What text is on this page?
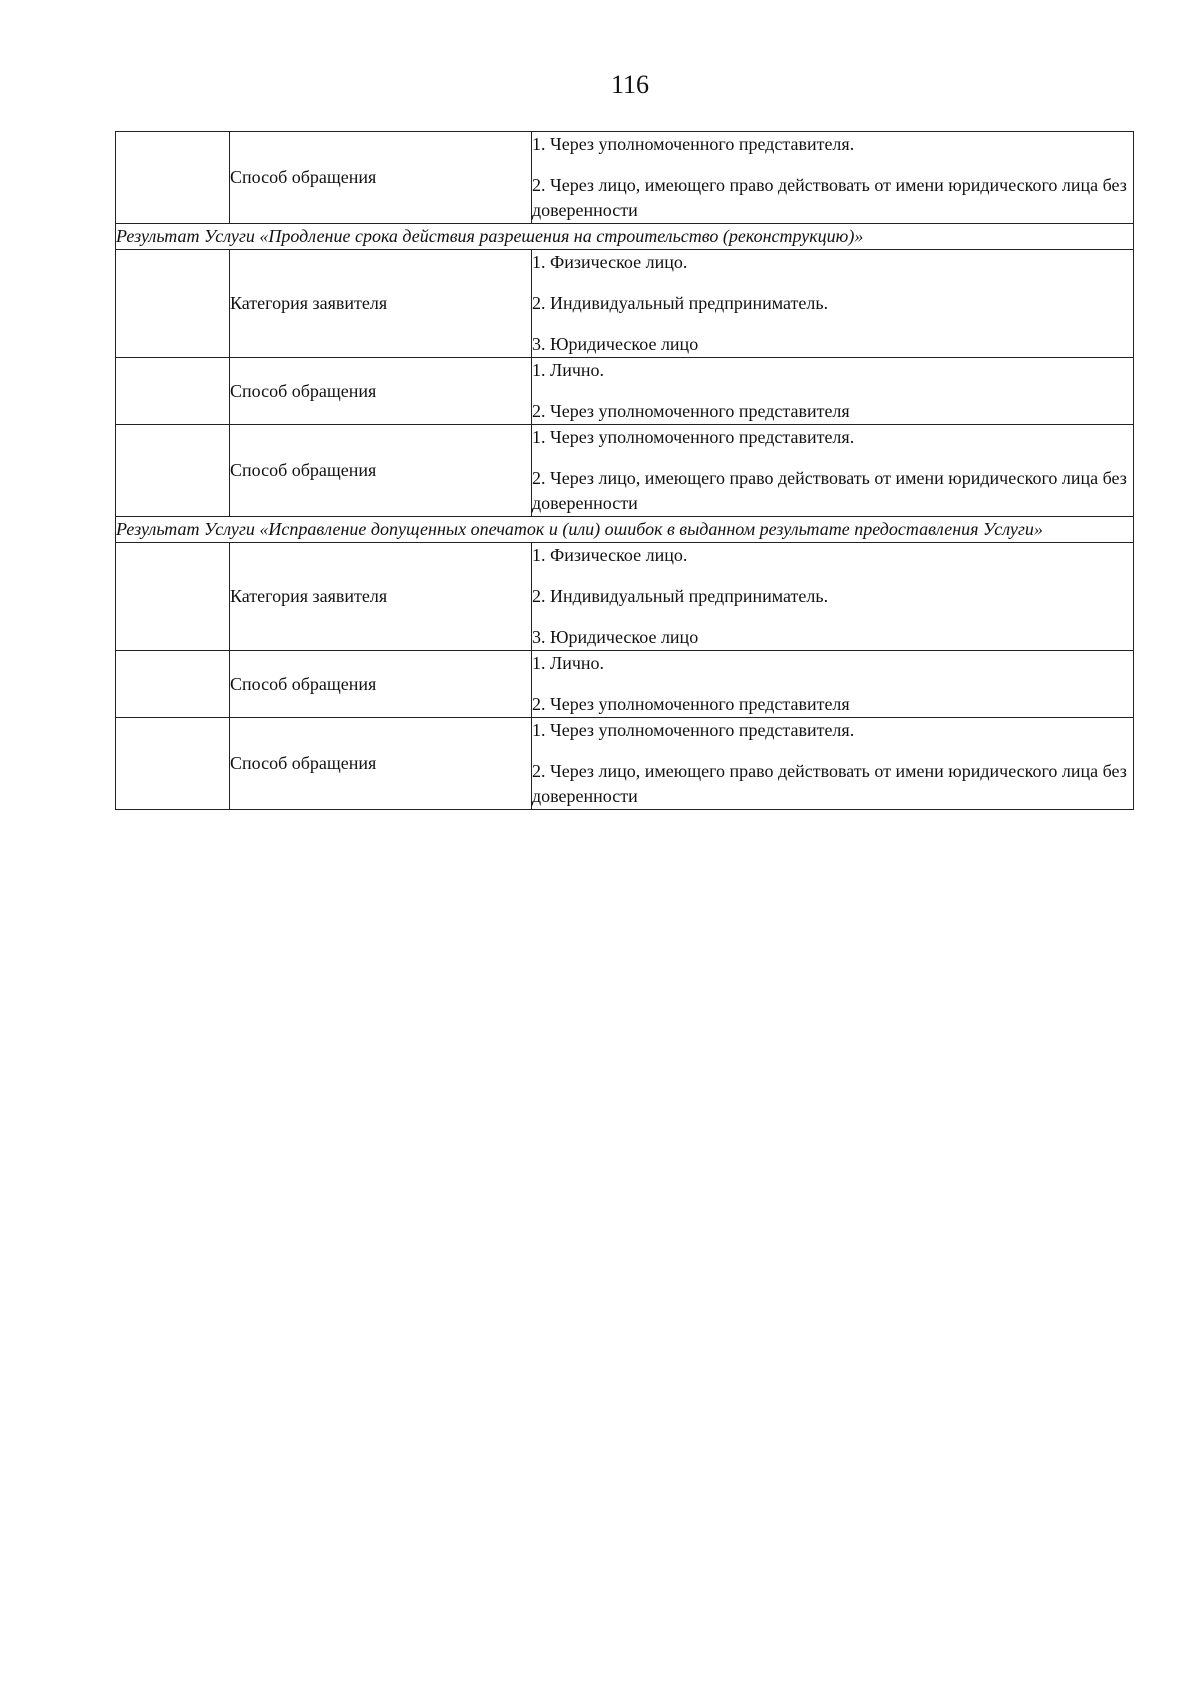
116
	Способ обращения	1. Через уполномоченного представителя.
2. Через лицо, имеющего право действовать от имени юридического лица без доверенности

Результат Услуги «Продление срока действия разрешения на строительство (реконструкцию)»		
	Категория заявителя	1. Физическое лицо.
2. Индивидуальный предприниматель.
3. Юридическое лицо

	Способ обращения	1. Лично.
2. Через уполномоченного представителя

	Способ обращения	1. Через уполномоченного представителя.
2. Через лицо, имеющего право действовать от имени юридического лица без доверенности

Результат Услуги «Исправление допущенных опечаток и (или) ошибок в выданном результате предоставления Услуги»		
	Категория заявителя	1. Физическое лицо.
2. Индивидуальный предприниматель.
3. Юридическое лицо

	Способ обращения	1. Лично.
2. Через уполномоченного представителя

	Способ обращения	1. Через уполномоченного представителя.
2. Через лицо, имеющего право действовать от имени юридического лица без доверенности
